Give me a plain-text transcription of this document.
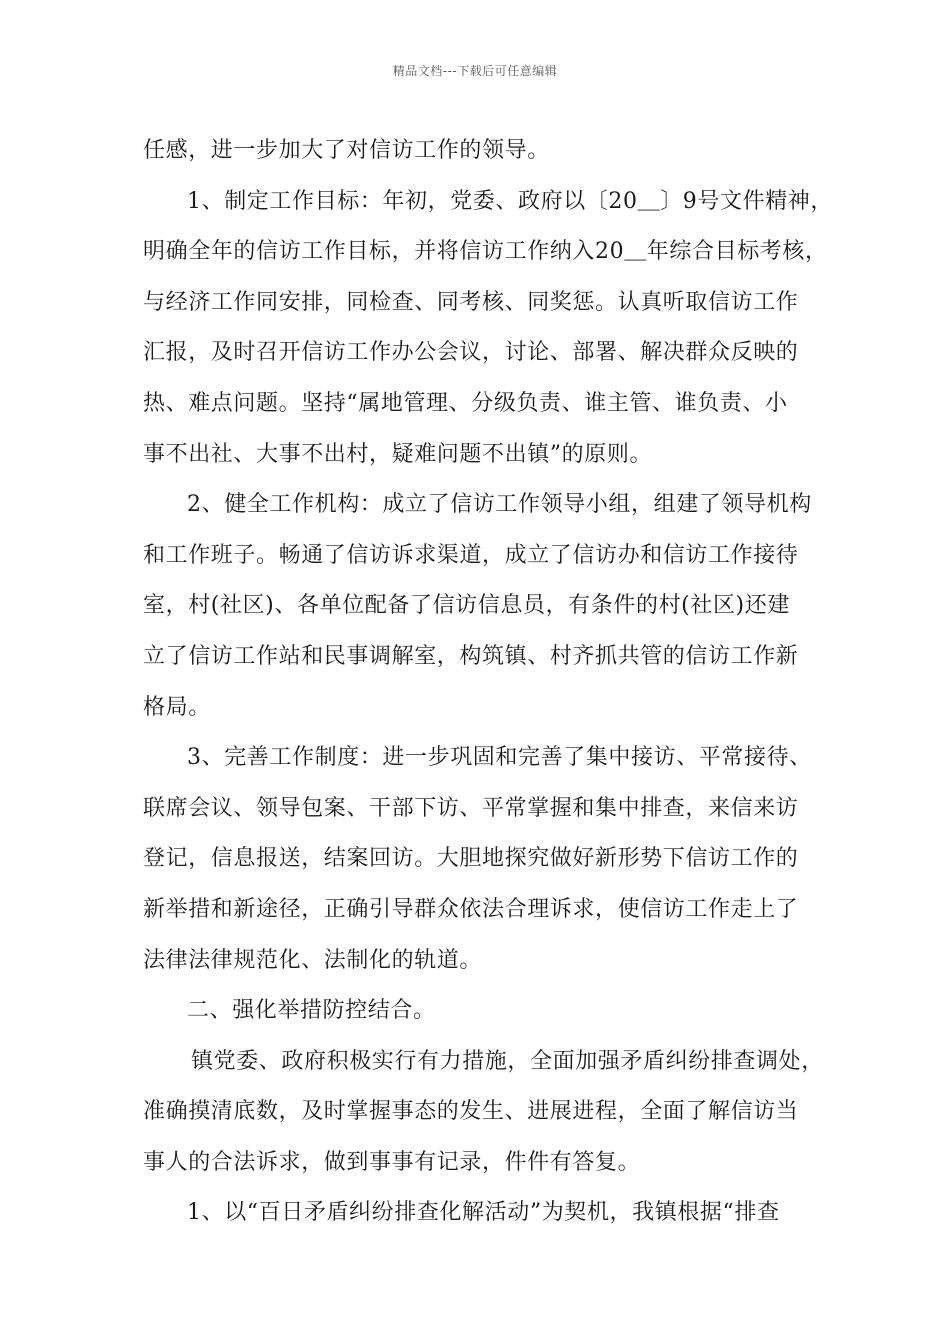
精品文档---下载后可任意编辑
任感，进一步加大了对信访工作的领导。
1、制定工作目标：年初，党委、政府以〔20＿〕9号文件精神，
明确全年的信访工作目标，并将信访工作纳入20＿年综合目标考核，
与经济工作同安排，同检查、同考核、同奖惩。认真听取信访工作
汇报，及时召开信访工作办公会议，讨论、部署、解决群众反映的
热、难点问题。坚持“属地管理、分级负责、谁主管、谁负责、小
事不出社、大事不出村，疑难问题不出镇”的原则。
2、健全工作机构：成立了信访工作领导小组，组建了领导机构
和工作班子。畅通了信访诉求渠道，成立了信访办和信访工作接待
室，村(社区)、各单位配备了信访信息员，有条件的村(社区)还建
立了信访工作站和民事调解室，构筑镇、村齐抓共管的信访工作新
格局。
3、完善工作制度：进一步巩固和完善了集中接访、平常接待、
联席会议、领导包案、干部下访、平常掌握和集中排查，来信来访
登记，信息报送，结案回访。大胆地探究做好新形势下信访工作的
新举措和新途径，正确引导群众依法合理诉求，使信访工作走上了
法律法律规范化、法制化的轨道。
二、强化举措防控结合。
镇党委、政府积极实行有力措施，全面加强矛盾纠纷排查调处，
准确摸清底数，及时掌握事态的发生、进展进程，全面了解信访当
事人的合法诉求，做到事事有记录，件件有答复。
1、以“百日矛盾纠纷排查化解活动”为契机，我镇根据“排查
